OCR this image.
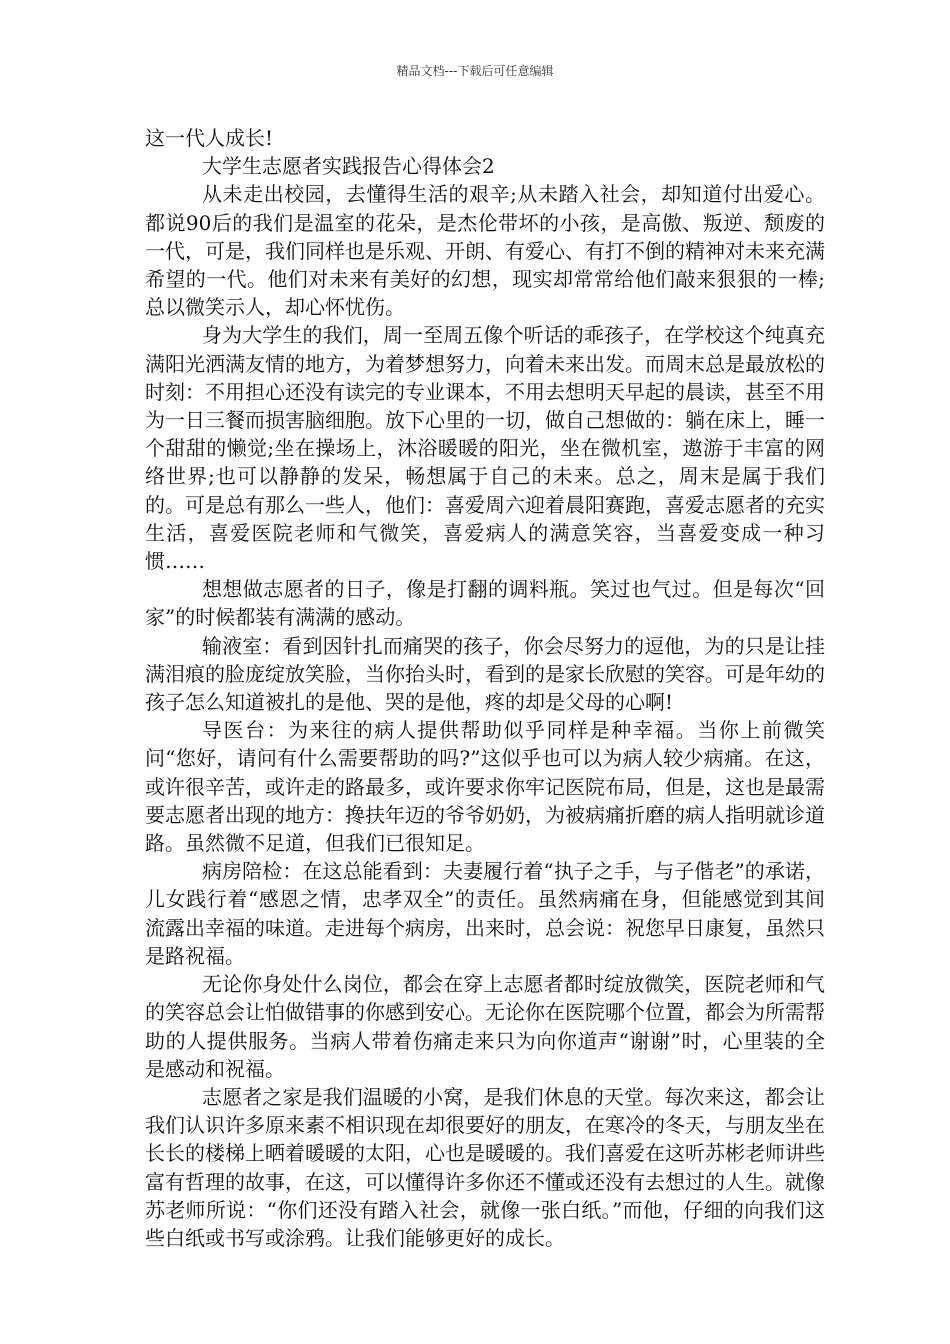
精品文档---下载后可任意编辑

这一代人成长!

大学生志愿者实践报告心得体会2

从未走出校园，去懂得生活的艰辛;从未踏入社会，却知道付出爱心。都说90后的我们是温室的花朵，是杰伦带坏的小孩，是高傲、叛逆、颓废的一代，可是，我们同样也是乐观、开朗、有爱心、有打不倒的精神对未来充满希望的一代。他们对未来有美好的幻想，现实却常常给他们敲来狠狠的一棒;总以微笑示人，却心怀忧伤。

身为大学生的我们，周一至周五像个听话的乖孩子，在学校这个纯真充满阳光洒满友情的地方，为着梦想努力，向着未来出发。而周末总是最放松的时刻：不用担心还没有读完的专业课本，不用去想明天早起的晨读，甚至不用为一日三餐而损害脑细胞。放下心里的一切，做自己想做的：躺在床上，睡一个甜甜的懒觉;坐在操场上，沐浴暖暖的阳光，坐在微机室，遨游于丰富的网络世界;也可以静静的发呆，畅想属于自己的未来。总之，周末是属于我们的。可是总有那么一些人，他们：喜爱周六迎着晨阳赛跑，喜爱志愿者的充实生活，喜爱医院老师和气微笑，喜爱病人的满意笑容，当喜爱变成一种习惯……

想想做志愿者的日子，像是打翻的调料瓶。笑过也气过。但是每次“回家”的时候都装有满满的感动。

输液室：看到因针扎而痛哭的孩子，你会尽努力的逗他，为的只是让挂满泪痕的脸庞绽放笑脸，当你抬头时，看到的是家长欣慰的笑容。可是年幼的孩子怎么知道被扎的是他、哭的是他，疼的却是父母的心啊!

导医台：为来往的病人提供帮助似乎同样是种幸福。当你上前微笑问“您好，请问有什么需要帮助的吗?”这似乎也可以为病人较少病痛。在这，或许很辛苦，或许走的路最多，或许要求你牢记医院布局，但是，这也是最需要志愿者出现的地方：搀扶年迈的爷爷奶奶，为被病痛折磨的病人指明就诊道路。虽然微不足道，但我们已很知足。

病房陪检：在这总能看到：夫妻履行着“执子之手，与子偕老”的承诺，儿女践行着“感恩之情，忠孝双全”的责任。虽然病痛在身，但能感觉到其间流露出幸福的味道。走进每个病房，出来时，总会说：祝您早日康复，虽然只是路祝福。

无论你身处什么岗位，都会在穿上志愿者都时绽放微笑，医院老师和气的笑容总会让怕做错事的你感到安心。无论你在医院哪个位置，都会为所需帮助的人提供服务。当病人带着伤痛走来只为向你道声“谢谢”时，心里装的全是感动和祝福。

志愿者之家是我们温暖的小窝，是我们休息的天堂。每次来这，都会让我们认识许多原来素不相识现在却很要好的朋友，在寒冷的冬天，与朋友坐在长长的楼梯上晒着暖暖的太阳，心也是暖暖的。我们喜爱在这听苏彬老师讲些富有哲理的故事，在这，可以懂得许多你还不懂或还没有去想过的人生。就像苏老师所说：“你们还没有踏入社会，就像一张白纸。”而他，仔细的向我们这些白纸或书写或涂鸦。让我们能够更好的成长。
